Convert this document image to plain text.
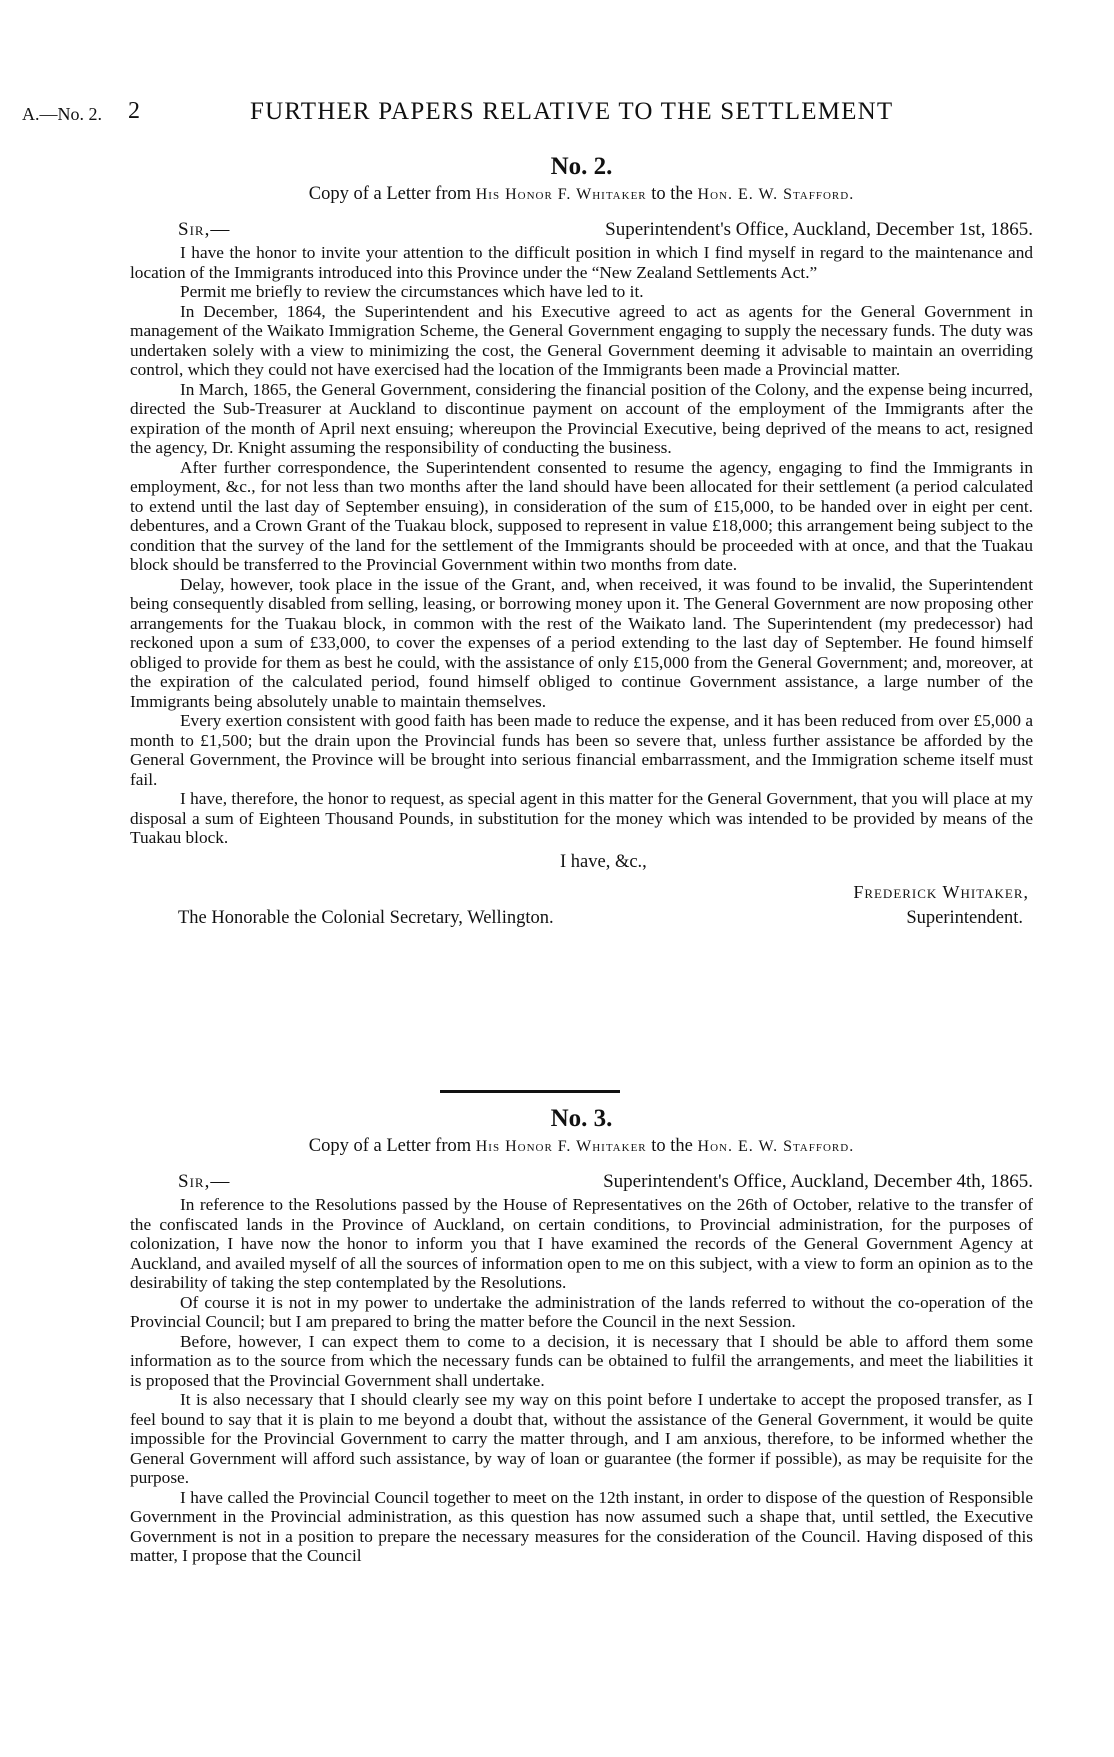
A.—No. 2. 2	FURTHER PAPERS RELATIVE TO THE SETTLEMENT
No. 2.
Copy of a Letter from His Honor F. Whitaker to the Hon. E. W. Stafford.
Sir,—	Superintendent's Office, Auckland, December 1st, 1865.

I have the honor to invite your attention to the difficult position in which I find myself in regard to the maintenance and location of the Immigrants introduced into this Province under the “New Zealand Settlements Act.”

Permit me briefly to review the circumstances which have led to it.

In December, 1864, the Superintendent and his Executive agreed to act as agents for the General Government in management of the Waikato Immigration Scheme, the General Government engaging to supply the necessary funds. The duty was undertaken solely with a view to minimizing the cost, the General Government deeming it advisable to maintain an overriding control, which they could not have exercised had the location of the Immigrants been made a Provincial matter.

In March, 1865, the General Government, considering the financial position of the Colony, and the expense being incurred, directed the Sub-Treasurer at Auckland to discontinue payment on account of the employment of the Immigrants after the expiration of the month of April next ensuing; whereupon the Provincial Executive, being deprived of the means to act, resigned the agency, Dr. Knight assuming the responsibility of conducting the business.

After further correspondence, the Superintendent consented to resume the agency, engaging to find the Immigrants in employment, &c., for not less than two months after the land should have been allocated for their settlement (a period calculated to extend until the last day of September ensuing), in consideration of the sum of £15,000, to be handed over in eight per cent. debentures, and a Crown Grant of the Tuakau block, supposed to represent in value £18,000; this arrangement being subject to the condition that the survey of the land for the settlement of the Immigrants should be proceeded with at once, and that the Tuakau block should be transferred to the Provincial Government within two months from date.

Delay, however, took place in the issue of the Grant, and, when received, it was found to be invalid, the Superintendent being consequently disabled from selling, leasing, or borrowing money upon it. The General Government are now proposing other arrangements for the Tuakau block, in common with the rest of the Waikato land. The Superintendent (my predecessor) had reckoned upon a sum of £33,000, to cover the expenses of a period extending to the last day of September. He found himself obliged to provide for them as best he could, with the assistance of only £15,000 from the General Government; and, moreover, at the expiration of the calculated period, found himself obliged to continue Government assistance, a large number of the Immigrants being absolutely unable to maintain themselves.

Every exertion consistent with good faith has been made to reduce the expense, and it has been reduced from over £5,000 a month to £1,500; but the drain upon the Provincial funds has been so severe that, unless further assistance be afforded by the General Government, the Province will be brought into serious financial embarrassment, and the Immigration scheme itself must fail.

I have, therefore, the honor to request, as special agent in this matter for the General Government, that you will place at my disposal a sum of Eighteen Thousand Pounds, in substitution for the money which was intended to be provided by means of the Tuakau block.

I have, &c.,
Frederick Whitaker,
The Honorable the Colonial Secretary, Wellington.	Superintendent.
No. 3.
Copy of a Letter from His Honor F. Whitaker to the Hon. E. W. Stafford.
Sir,—	Superintendent's Office, Auckland, December 4th, 1865.

In reference to the Resolutions passed by the House of Representatives on the 26th of October, relative to the transfer of the confiscated lands in the Province of Auckland, on certain conditions, to Provincial administration, for the purposes of colonization, I have now the honor to inform you that I have examined the records of the General Government Agency at Auckland, and availed myself of all the sources of information open to me on this subject, with a view to form an opinion as to the desirability of taking the step contemplated by the Resolutions.

Of course it is not in my power to undertake the administration of the lands referred to without the co-operation of the Provincial Council; but I am prepared to bring the matter before the Council in the next Session.

Before, however, I can expect them to come to a decision, it is necessary that I should be able to afford them some information as to the source from which the necessary funds can be obtained to fulfil the arrangements, and meet the liabilities it is proposed that the Provincial Government shall undertake.

It is also necessary that I should clearly see my way on this point before I undertake to accept the proposed transfer, as I feel bound to say that it is plain to me beyond a doubt that, without the assistance of the General Government, it would be quite impossible for the Provincial Government to carry the matter through, and I am anxious, therefore, to be informed whether the General Government will afford such assistance, by way of loan or guarantee (the former if possible), as may be requisite for the purpose.

I have called the Provincial Council together to meet on the 12th instant, in order to dispose of the question of Responsible Government in the Provincial administration, as this question has now assumed such a shape that, until settled, the Executive Government is not in a position to prepare the necessary measures for the consideration of the Council. Having disposed of this matter, I propose that the Council
